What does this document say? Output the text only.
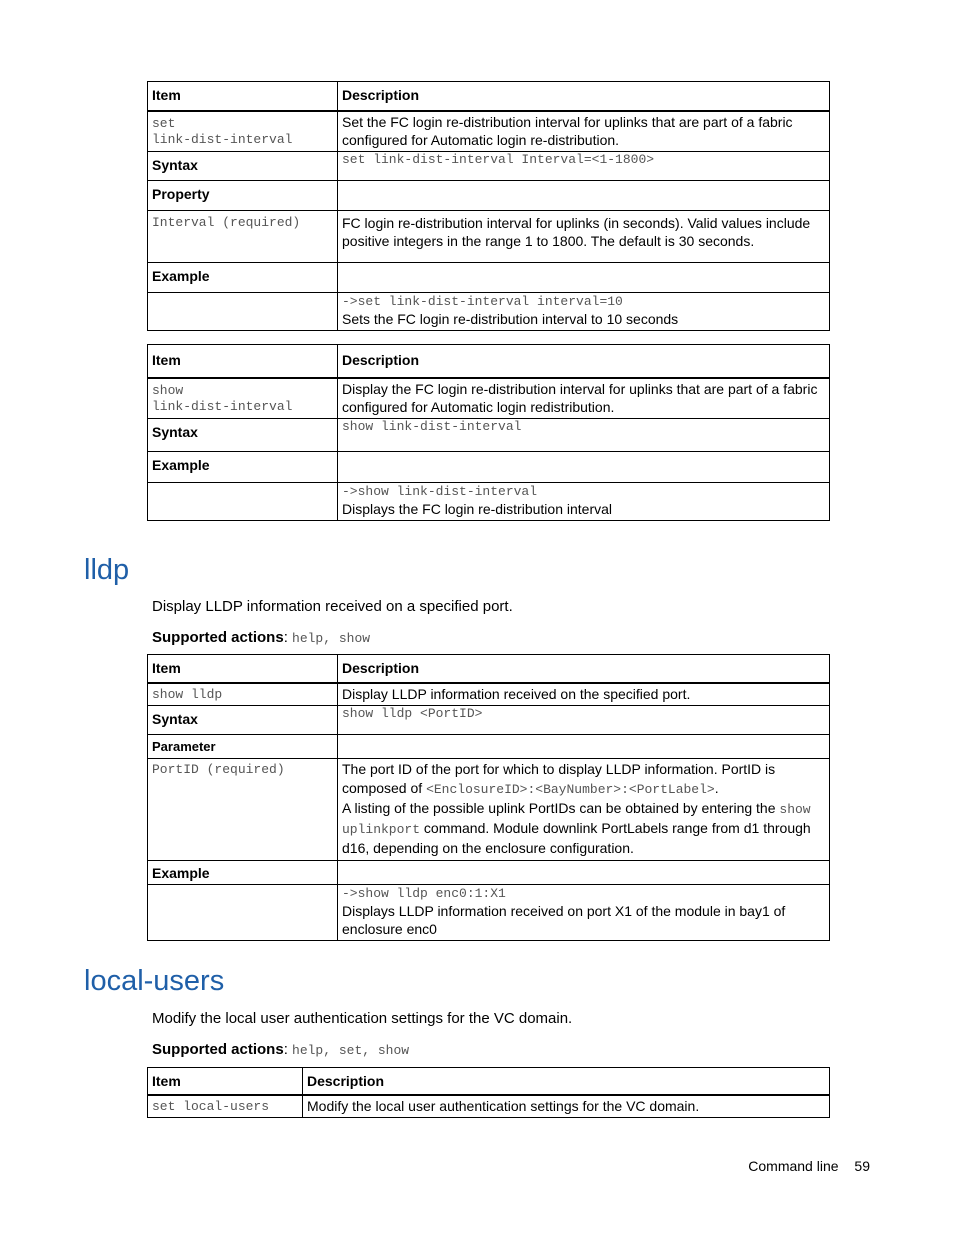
Item	Description

set
link-dist-interval	Set the FC login re-distribution interval for uplinks that are part of a fabric configured for Automatic login re-distribution.
Syntax	set link-dist-interval Interval=<1-1800>
Property	
Interval (required)	FC login re-distribution interval for uplinks (in seconds). Valid values include positive integers in the range 1 to 1800. The default is 30 seconds.
Example	

	->set link-dist-interval interval=10
Sets the FC login re-distribution interval to 10 seconds
Item	Description

show
link-dist-interval	Display the FC login re-distribution interval for uplinks that are part of a fabric configured for Automatic login redistribution.
Syntax	show link-dist-interval
Example	

	->show link-dist-interval
Displays the FC login re-distribution interval
lldp

Display LLDP information received on a specified port.

Supported actions: help, show

Item	Description
show lldp	Display LLDP information received on the specified port.
Syntax	show lldp <PortID>
Parameter	
PortID (required)	The port ID of the port for which to display LLDP information. PortID is composed of <EnclosureID>:<BayNumber>:<PortLabel>.
A listing of the possible uplink PortIDs can be obtained by entering the show uplinkport command. Module downlink PortLabels range from d1 through d16, depending on the enclosure configuration.

Example	

	->show lldp enc0:1:X1
Displays LLDP information received on port X1 of the module in bay1 of enclosure enc0
local-users

Modify the local user authentication settings for the VC domain.

Supported actions: help, set, show

Item	Description
set local-users	Modify the local user authentication settings for the VC domain.
Command line 59
